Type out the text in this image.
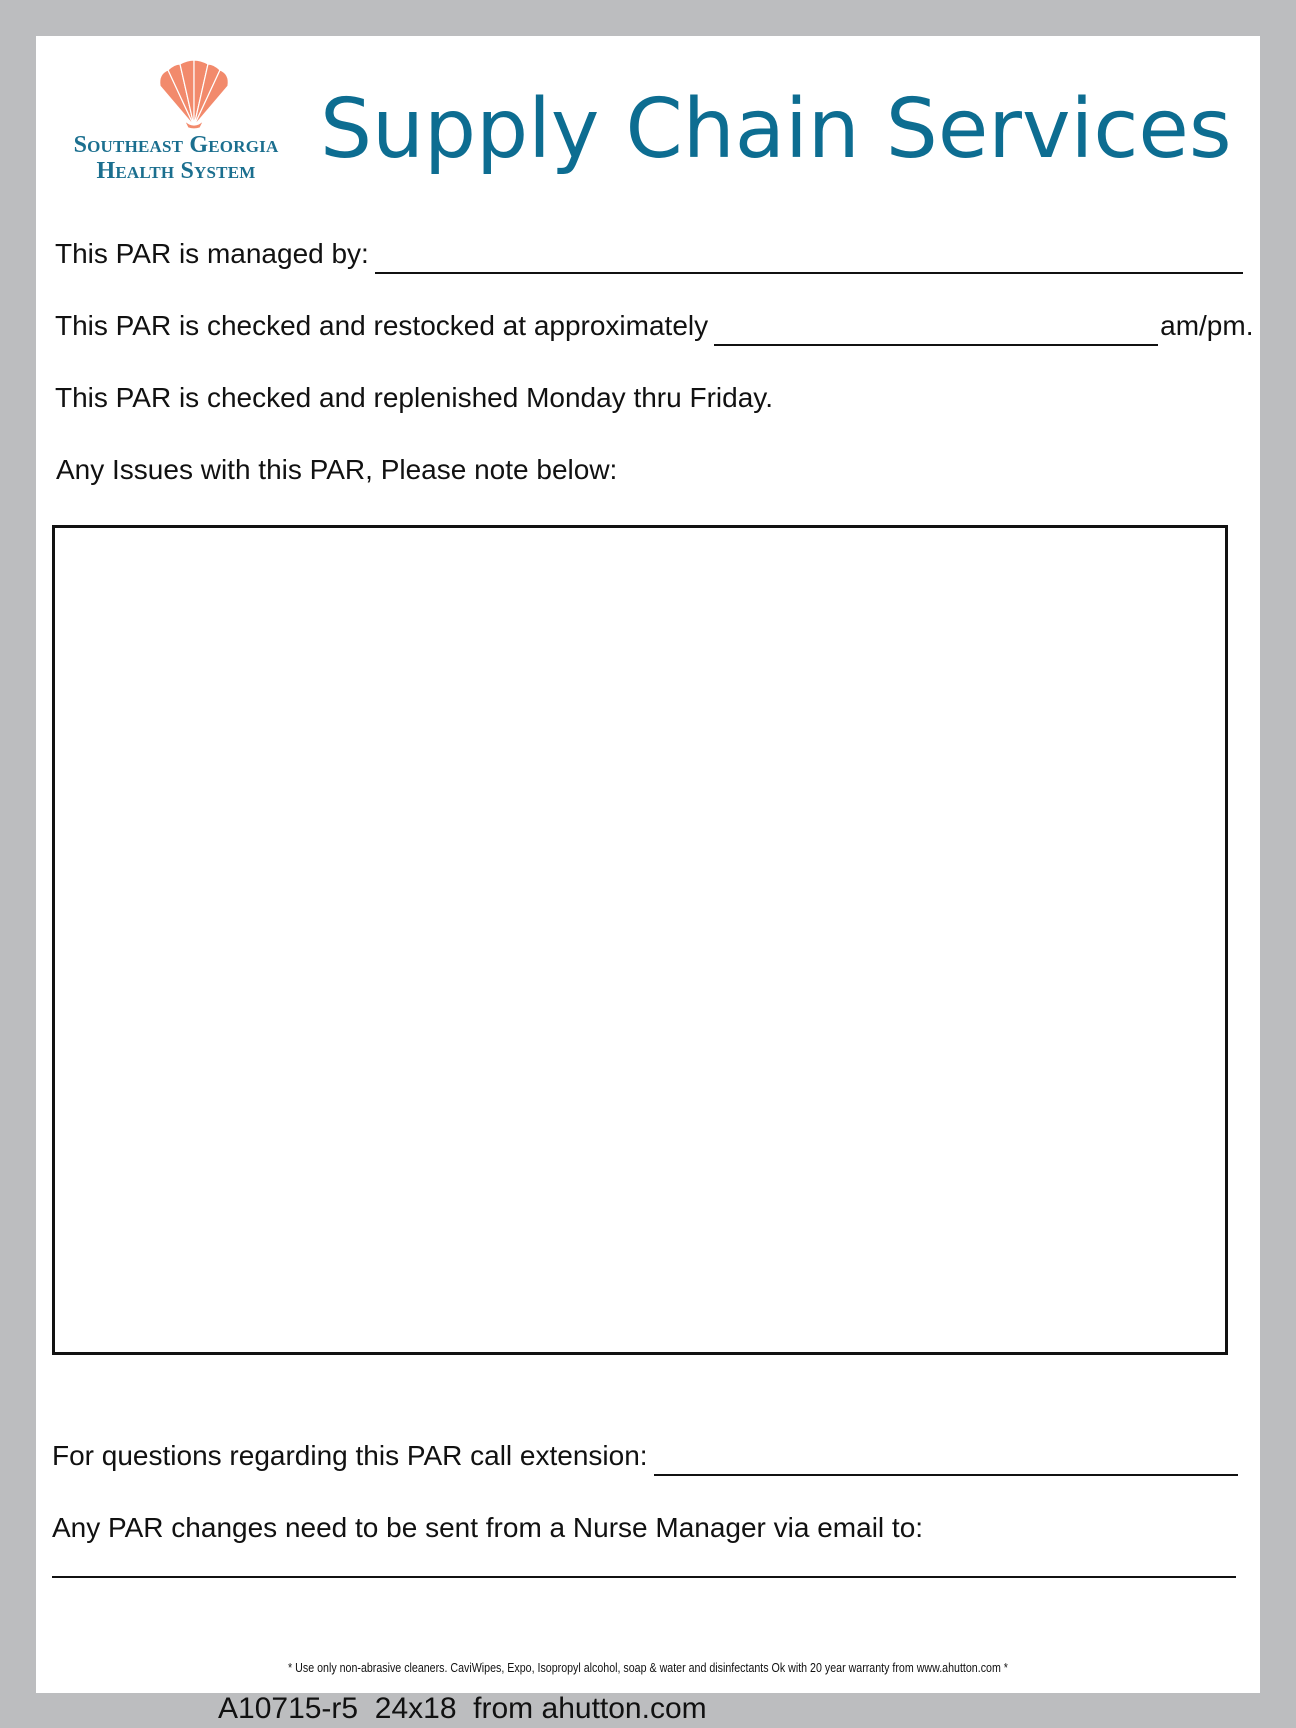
Southeast Georgia
Health System Supply Chain Services
This PAR is managed by:
This PAR is checked and restocked at approximately	am/pm.
This PAR is checked and replenished Monday thru Friday.
Any Issues with this PAR, Please note below:
For questions regarding this PAR call extension:
Any PAR changes need to be sent from a Nurse Manager via email to:
* Use only non-abrasive cleaners. CaviWipes, Expo, Isopropyl alcohol, soap & water and disinfectants Ok with 20 year warranty from www.ahutton.com *
A10715-r5  24x18  from ahutton.com
